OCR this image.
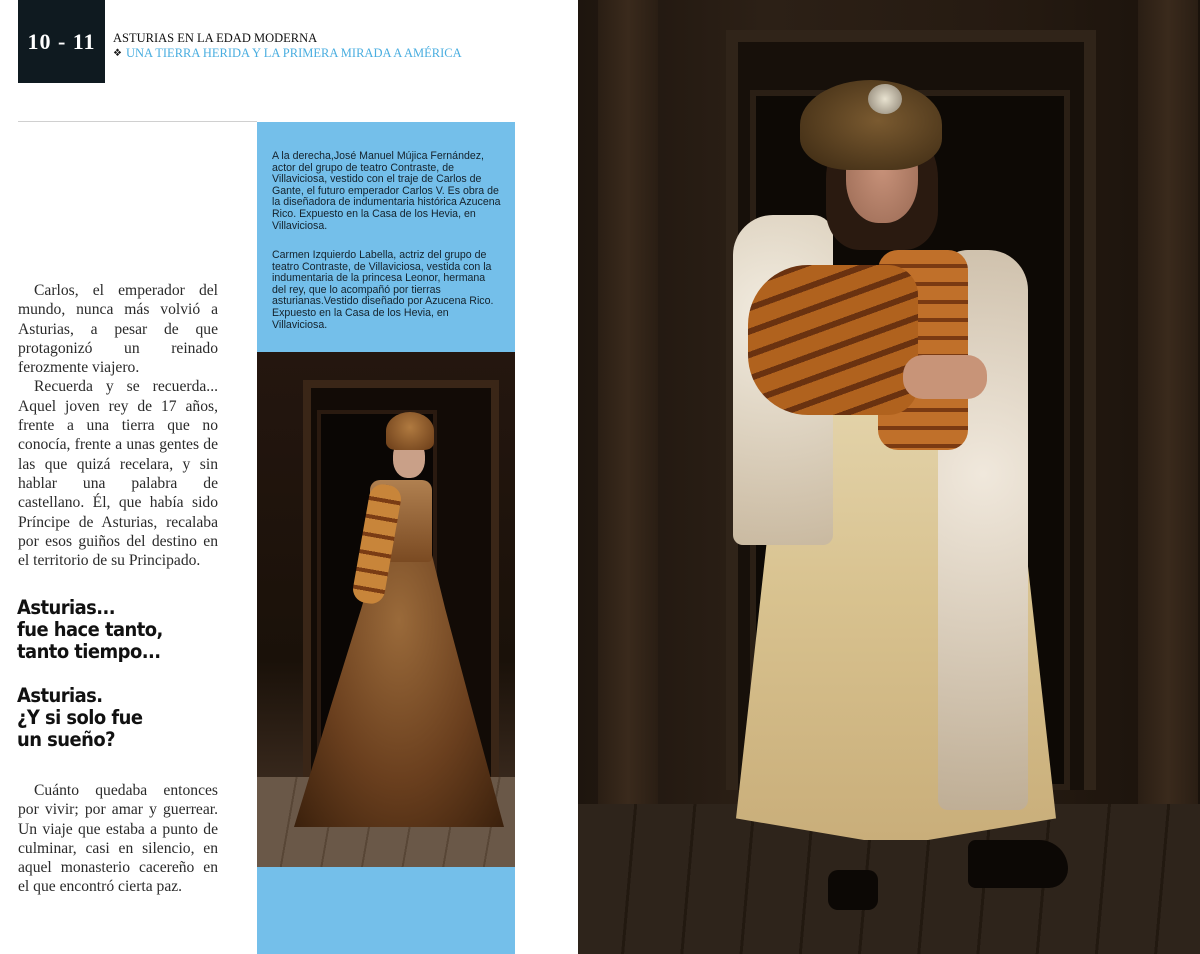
10 - 11 ASTURIAS EN LA EDAD MODERNA
❖ UNA TIERRA HERIDA Y LA PRIMERA MIRADA A AMÉRICA

Carlos, el emperador del mundo, nunca más volvió a Asturias, a pesar de que protagonizó un reinado ferozmente viajero.

Recuerda y se recuerda... Aquel joven rey de 17 años, frente a una tierra que no conocía, frente a unas gentes de las que quizá recelara, y sin hablar una palabra de castellano. Él, que había sido Príncipe de Asturias, recalaba por esos guiños del destino en el territorio de su Principado.

Asturias...
fue hace tanto,
tanto tiempo...
Asturias.
¿Y si solo fue
un sueño?

Cuánto quedaba entonces por vivir; por amar y guerrear. Un viaje que estaba a punto de culminar, casi en silencio, en aquel monasterio cacereño en el que encontró cierta paz.

A la derecha,José Manuel Mújica Fernández, actor del grupo de teatro Contraste, de Villaviciosa, vestido con el traje de Carlos de Gante, el futuro emperador Carlos V. Es obra de la diseñadora de indumentaria histórica Azucena Rico. Expuesto en la Casa de los Hevia, en Villaviciosa.
Carmen Izquierdo Labella, actriz del grupo de teatro Contraste, de Villaviciosa, vestida con la indumentaria de la princesa Leonor, hermana del rey, que lo acompañó por tierras asturianas.Vestido diseñado por Azucena Rico. Expuesto en la Casa de los Hevia, en Villaviciosa.
